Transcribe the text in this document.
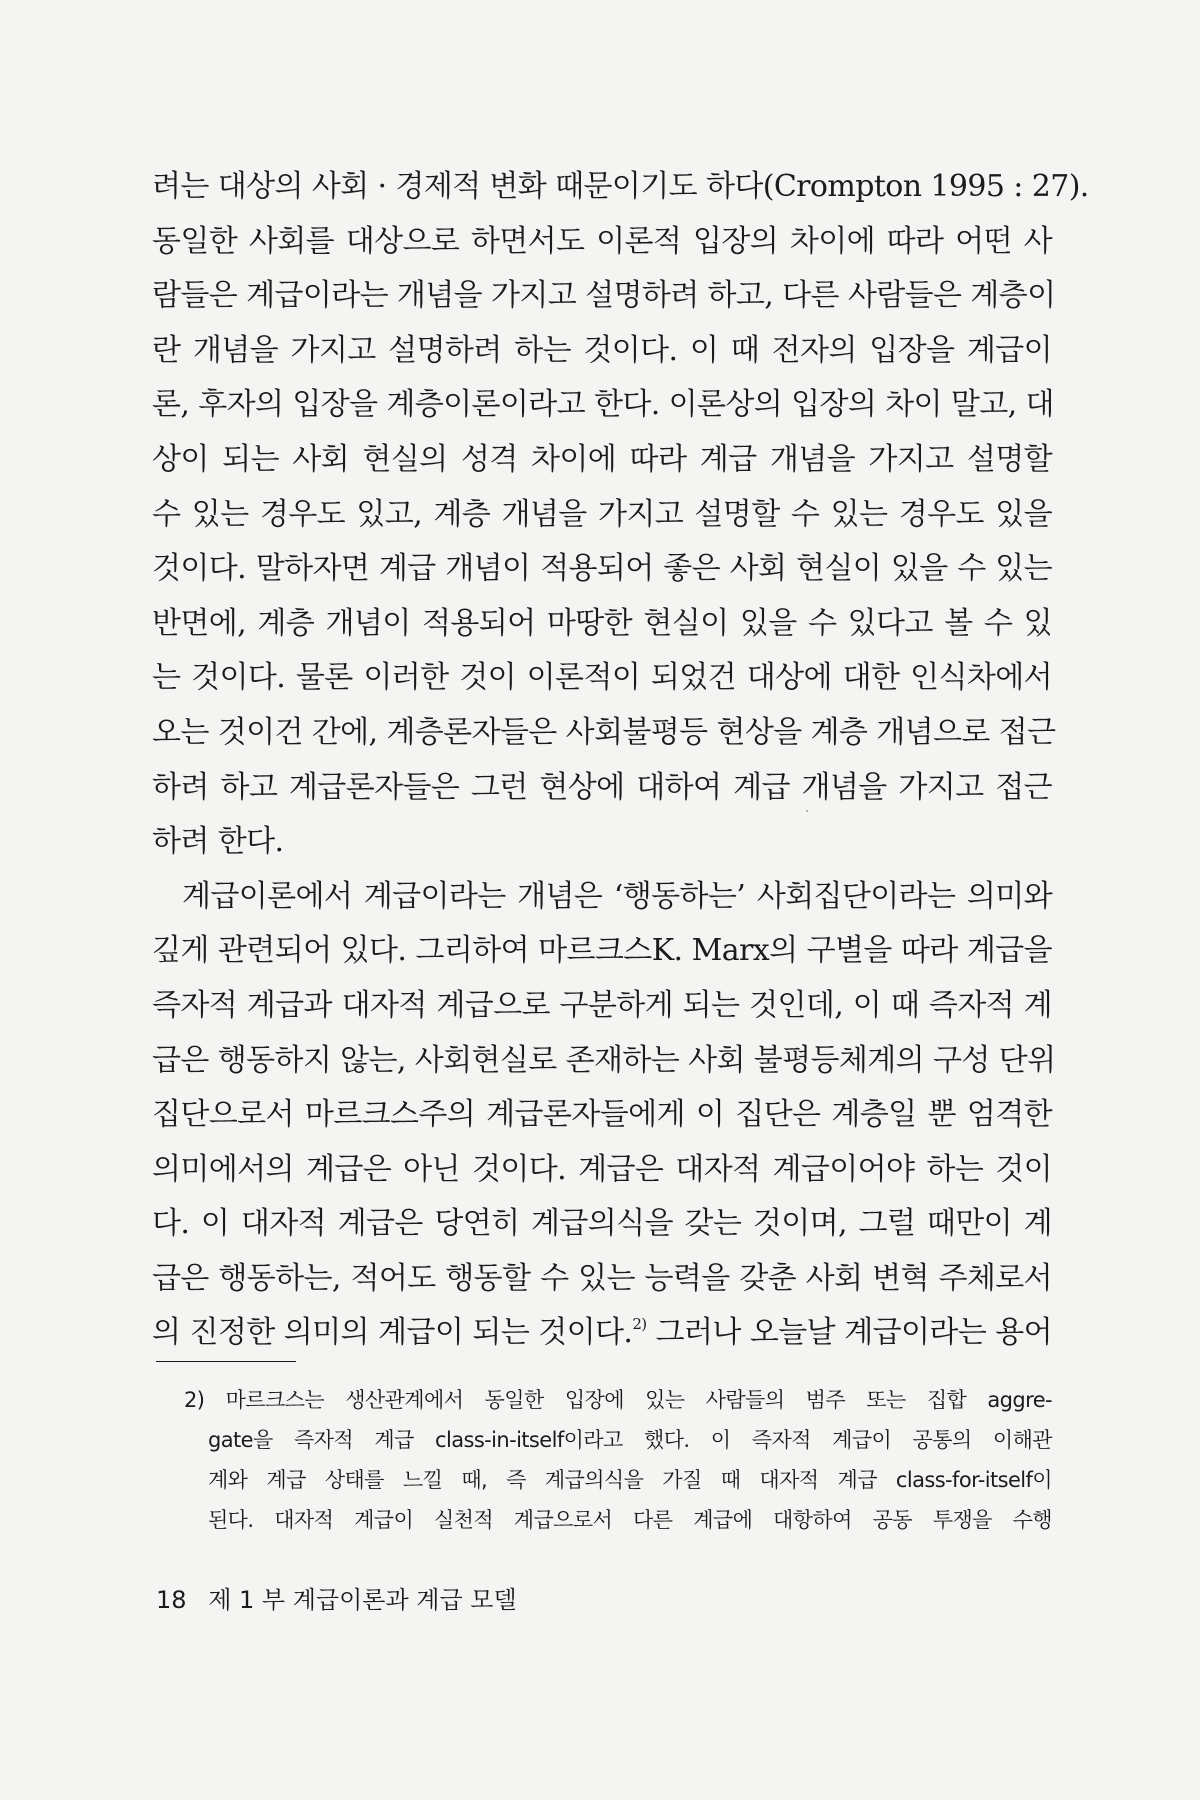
려는 대상의 사회 · 경제적 변화 때문이기도 하다(Crompton 1995 : 27).
동일한 사회를 대상으로 하면서도 이론적 입장의 차이에 따라 어떤 사
람들은 계급이라는 개념을 가지고 설명하려 하고, 다른 사람들은 계층이
란 개념을 가지고 설명하려 하는 것이다. 이 때 전자의 입장을 계급이
론, 후자의 입장을 계층이론이라고 한다. 이론상의 입장의 차이 말고, 대
상이 되는 사회 현실의 성격 차이에 따라 계급 개념을 가지고 설명할
수 있는 경우도 있고, 계층 개념을 가지고 설명할 수 있는 경우도 있을
것이다. 말하자면 계급 개념이 적용되어 좋은 사회 현실이 있을 수 있는
반면에, 계층 개념이 적용되어 마땅한 현실이 있을 수 있다고 볼 수 있
는 것이다. 물론 이러한 것이 이론적이 되었건 대상에 대한 인식차에서
오는 것이건 간에, 계층론자들은 사회불평등 현상을 계층 개념으로 접근
하려 하고 계급론자들은 그런 현상에 대하여 계급 개념을 가지고 접근
하려 한다.
계급이론에서 계급이라는 개념은 ‘행동하는’ 사회집단이라는 의미와
깊게 관련되어 있다. 그리하여 마르크스K. Marx의 구별을 따라 계급을
즉자적 계급과 대자적 계급으로 구분하게 되는 것인데, 이 때 즉자적 계
급은 행동하지 않는, 사회현실로 존재하는 사회 불평등체계의 구성 단위
집단으로서 마르크스주의 계급론자들에게 이 집단은 계층일 뿐 엄격한
의미에서의 계급은 아닌 것이다. 계급은 대자적 계급이어야 하는 것이
다. 이 대자적 계급은 당연히 계급의식을 갖는 것이며, 그럴 때만이 계
급은 행동하는, 적어도 행동할 수 있는 능력을 갖춘 사회 변혁 주체로서
의 진정한 의미의 계급이 되는 것이다.$^{2)}$ 그러나 오늘날 계급이라는 용어
2) 마르크스는 생산관계에서 동일한 입장에 있는 사람들의 범주 또는 집합 aggre-
gate을 즉자적 계급 class-in-itself이라고 했다. 이 즉자적 계급이 공통의 이해관
계와 계급 상태를 느낄 때, 즉 계급의식을 가질 때 대자적 계급 class-for-itself이
된다. 대자적 계급이 실천적 계급으로서 다른 계급에 대항하여 공동 투쟁을 수행
18 제 1 부 계급이론과 계급 모델
